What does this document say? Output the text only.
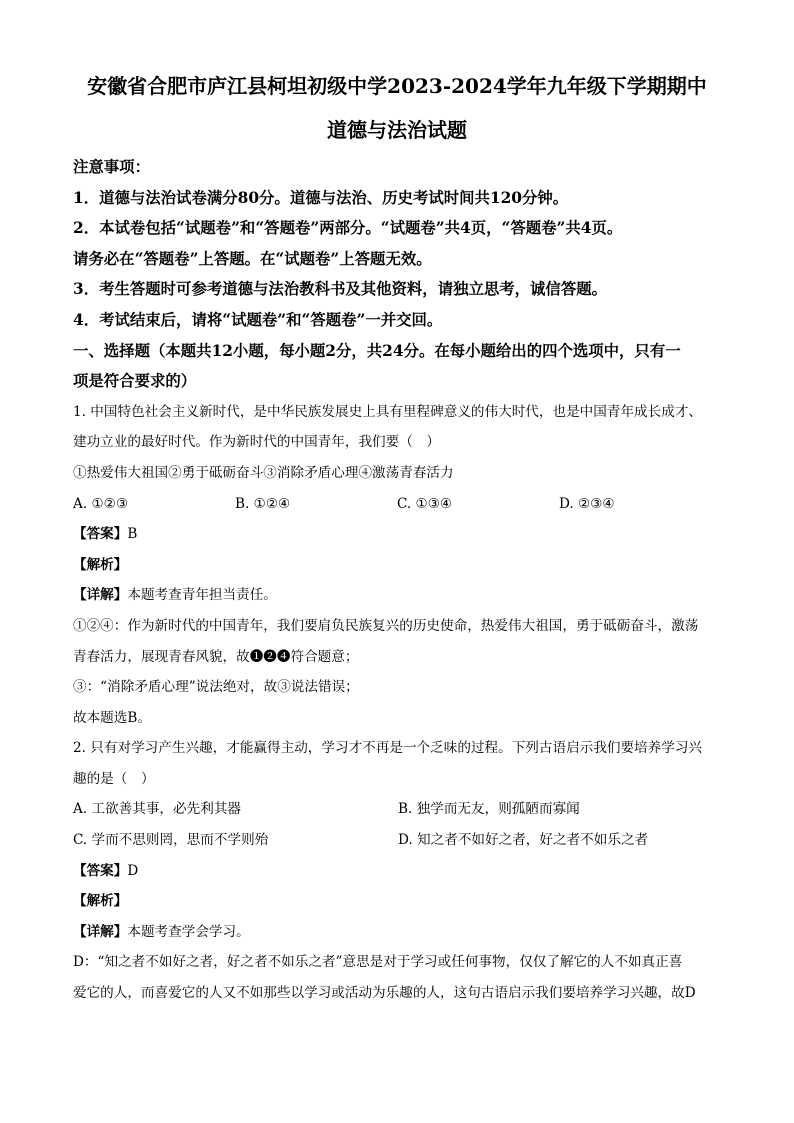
安徽省合肥市庐江县柯坦初级中学2023-2024学年九年级下学期期中
道德与法治试题
注意事项：
1．道德与法治试卷满分80分。道德与法治、历史考试时间共120分钟。
2．本试卷包括“试题卷”和“答题卷”两部分。“试题卷”共4页，“答题卷”共4页。
请务必在“答题卷”上答题。在“试题卷”上答题无效。
3．考生答题时可参考道德与法治教科书及其他资料，请独立思考，诚信答题。
4．考试结束后，请将“试题卷”和“答题卷”一并交回。
一、选择题（本题共12小题，每小题2分，共24分。在每小题给出的四个选项中，只有一
项是符合要求的）
1. 中国特色社会主义新时代，是中华民族发展史上具有里程碑意义的伟大时代，也是中国青年成长成才、
建功立业的最好时代。作为新时代的中国青年，我们要（　）
①热爱伟大祖国②勇于砥砺奋斗③消除矛盾心理④激荡青春活力
A. ①②③	B. ①②④	C. ①③④	D. ②③④
【答案】B
【解析】
【详解】本题考查青年担当责任。
①②④：作为新时代的中国青年，我们要肩负民族复兴的历史使命，热爱伟大祖国，勇于砥砺奋斗，激荡
青春活力，展现青春风貌，故❶❷❹符合题意；
③：“消除矛盾心理”说法绝对，故③说法错误；
故本题选B。
2. 只有对学习产生兴趣，才能赢得主动，学习才不再是一个乏味的过程。下列古语启示我们要培养学习兴
趣的是（　）
A. 工欲善其事，必先利其器	B. 独学而无友，则孤陋而寡闻
C. 学而不思则罔，思而不学则殆	D. 知之者不如好之者，好之者不如乐之者
【答案】D
【解析】
【详解】本题考查学会学习。
D：“知之者不如好之者，好之者不如乐之者”意思是对于学习或任何事物，仅仅了解它的人不如真正喜
爱它的人，而喜爱它的人又不如那些以学习或活动为乐趣的人，这句古语启示我们要培养学习兴趣，故D
